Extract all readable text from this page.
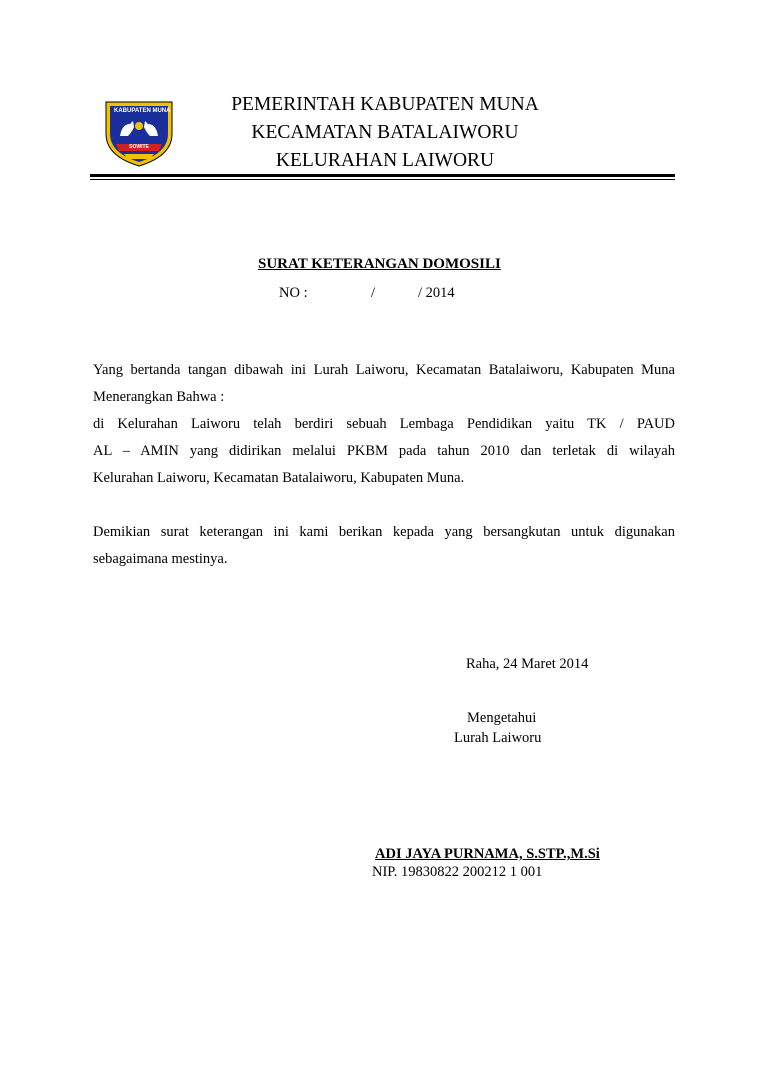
KABUPATEN MUNA
SOWITE
PEMERINTAH KABUPATEN MUNA
KECAMATAN BATALAIWORU
KELURAHAN LAIWORU
SURAT KETERANGAN DOMOSILI
NO :	/	/ 2014
Yang bertanda tangan dibawah ini Lurah Laiworu, Kecamatan Batalaiworu, Kabupaten Muna
Menerangkan Bahwa :
di Kelurahan Laiworu telah berdiri sebuah Lembaga Pendidikan yaitu TK / PAUD
AL – AMIN yang didirikan melalui PKBM pada tahun 2010 dan terletak di wilayah
Kelurahan Laiworu, Kecamatan Batalaiworu, Kabupaten Muna.
Demikian surat keterangan ini kami berikan kepada yang bersangkutan untuk digunakan
sebagaimana mestinya.
Raha, 24 Maret 2014
Mengetahui
Lurah Laiworu
ADI JAYA PURNAMA, S.STP.,M.Si
NIP. 19830822 200212 1 001
